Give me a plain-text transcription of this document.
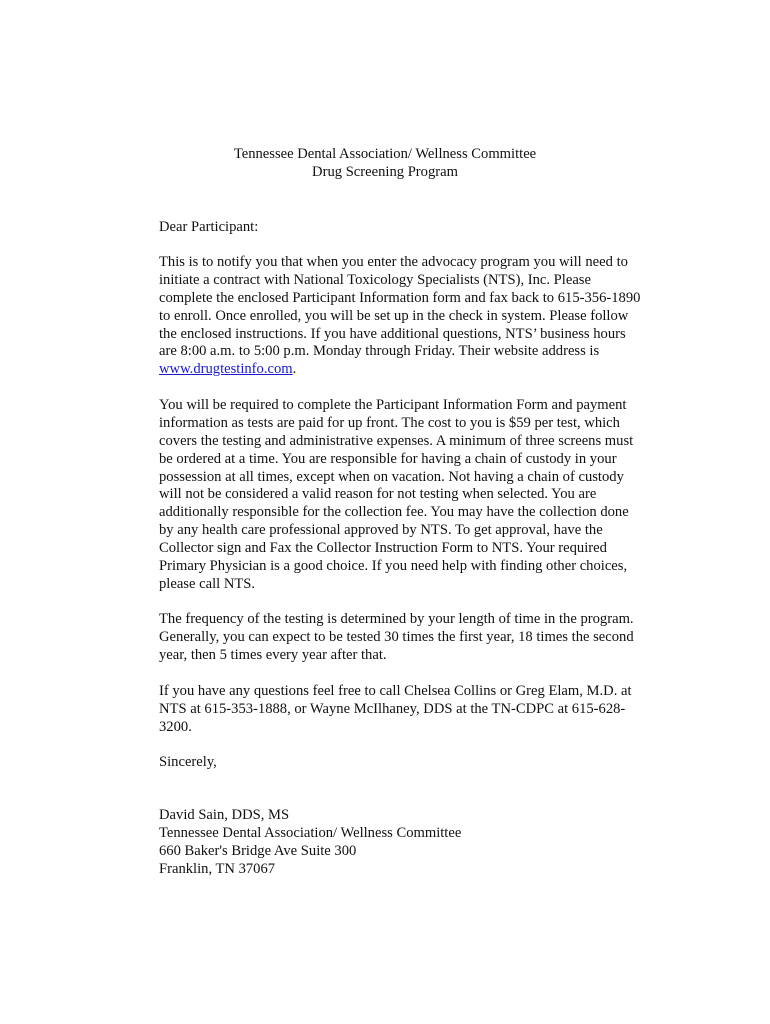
Tennessee Dental Association/ Wellness Committee
Drug Screening Program
Dear Participant:
This is to notify you that when you enter the advocacy program you will need to
initiate a contract with National Toxicology Specialists (NTS), Inc. Please
complete the enclosed Participant Information form and fax back to 615-356-1890
to enroll. Once enrolled, you will be set up in the check in system. Please follow
the enclosed instructions. If you have additional questions, NTS’ business hours
are 8:00 a.m. to 5:00 p.m. Monday through Friday. Their website address is
www.drugtestinfo.com.
You will be required to complete the Participant Information Form and payment
information as tests are paid for up front. The cost to you is $59 per test, which
covers the testing and administrative expenses. A minimum of three screens must
be ordered at a time. You are responsible for having a chain of custody in your
possession at all times, except when on vacation. Not having a chain of custody
will not be considered a valid reason for not testing when selected. You are
additionally responsible for the collection fee. You may have the collection done
by any health care professional approved by NTS. To get approval, have the
Collector sign and Fax the Collector Instruction Form to NTS. Your required
Primary Physician is a good choice. If you need help with finding other choices,
please call NTS.
The frequency of the testing is determined by your length of time in the program.
Generally, you can expect to be tested 30 times the first year, 18 times the second
year, then 5 times every year after that.
If you have any questions feel free to call Chelsea Collins or Greg Elam, M.D. at
NTS at 615-353-1888, or Wayne McIlhaney, DDS at the TN-CDPC at 615-628-
3200.
Sincerely,
David Sain, DDS, MS
Tennessee Dental Association/ Wellness Committee
660 Baker's Bridge Ave Suite 300
Franklin, TN 37067
